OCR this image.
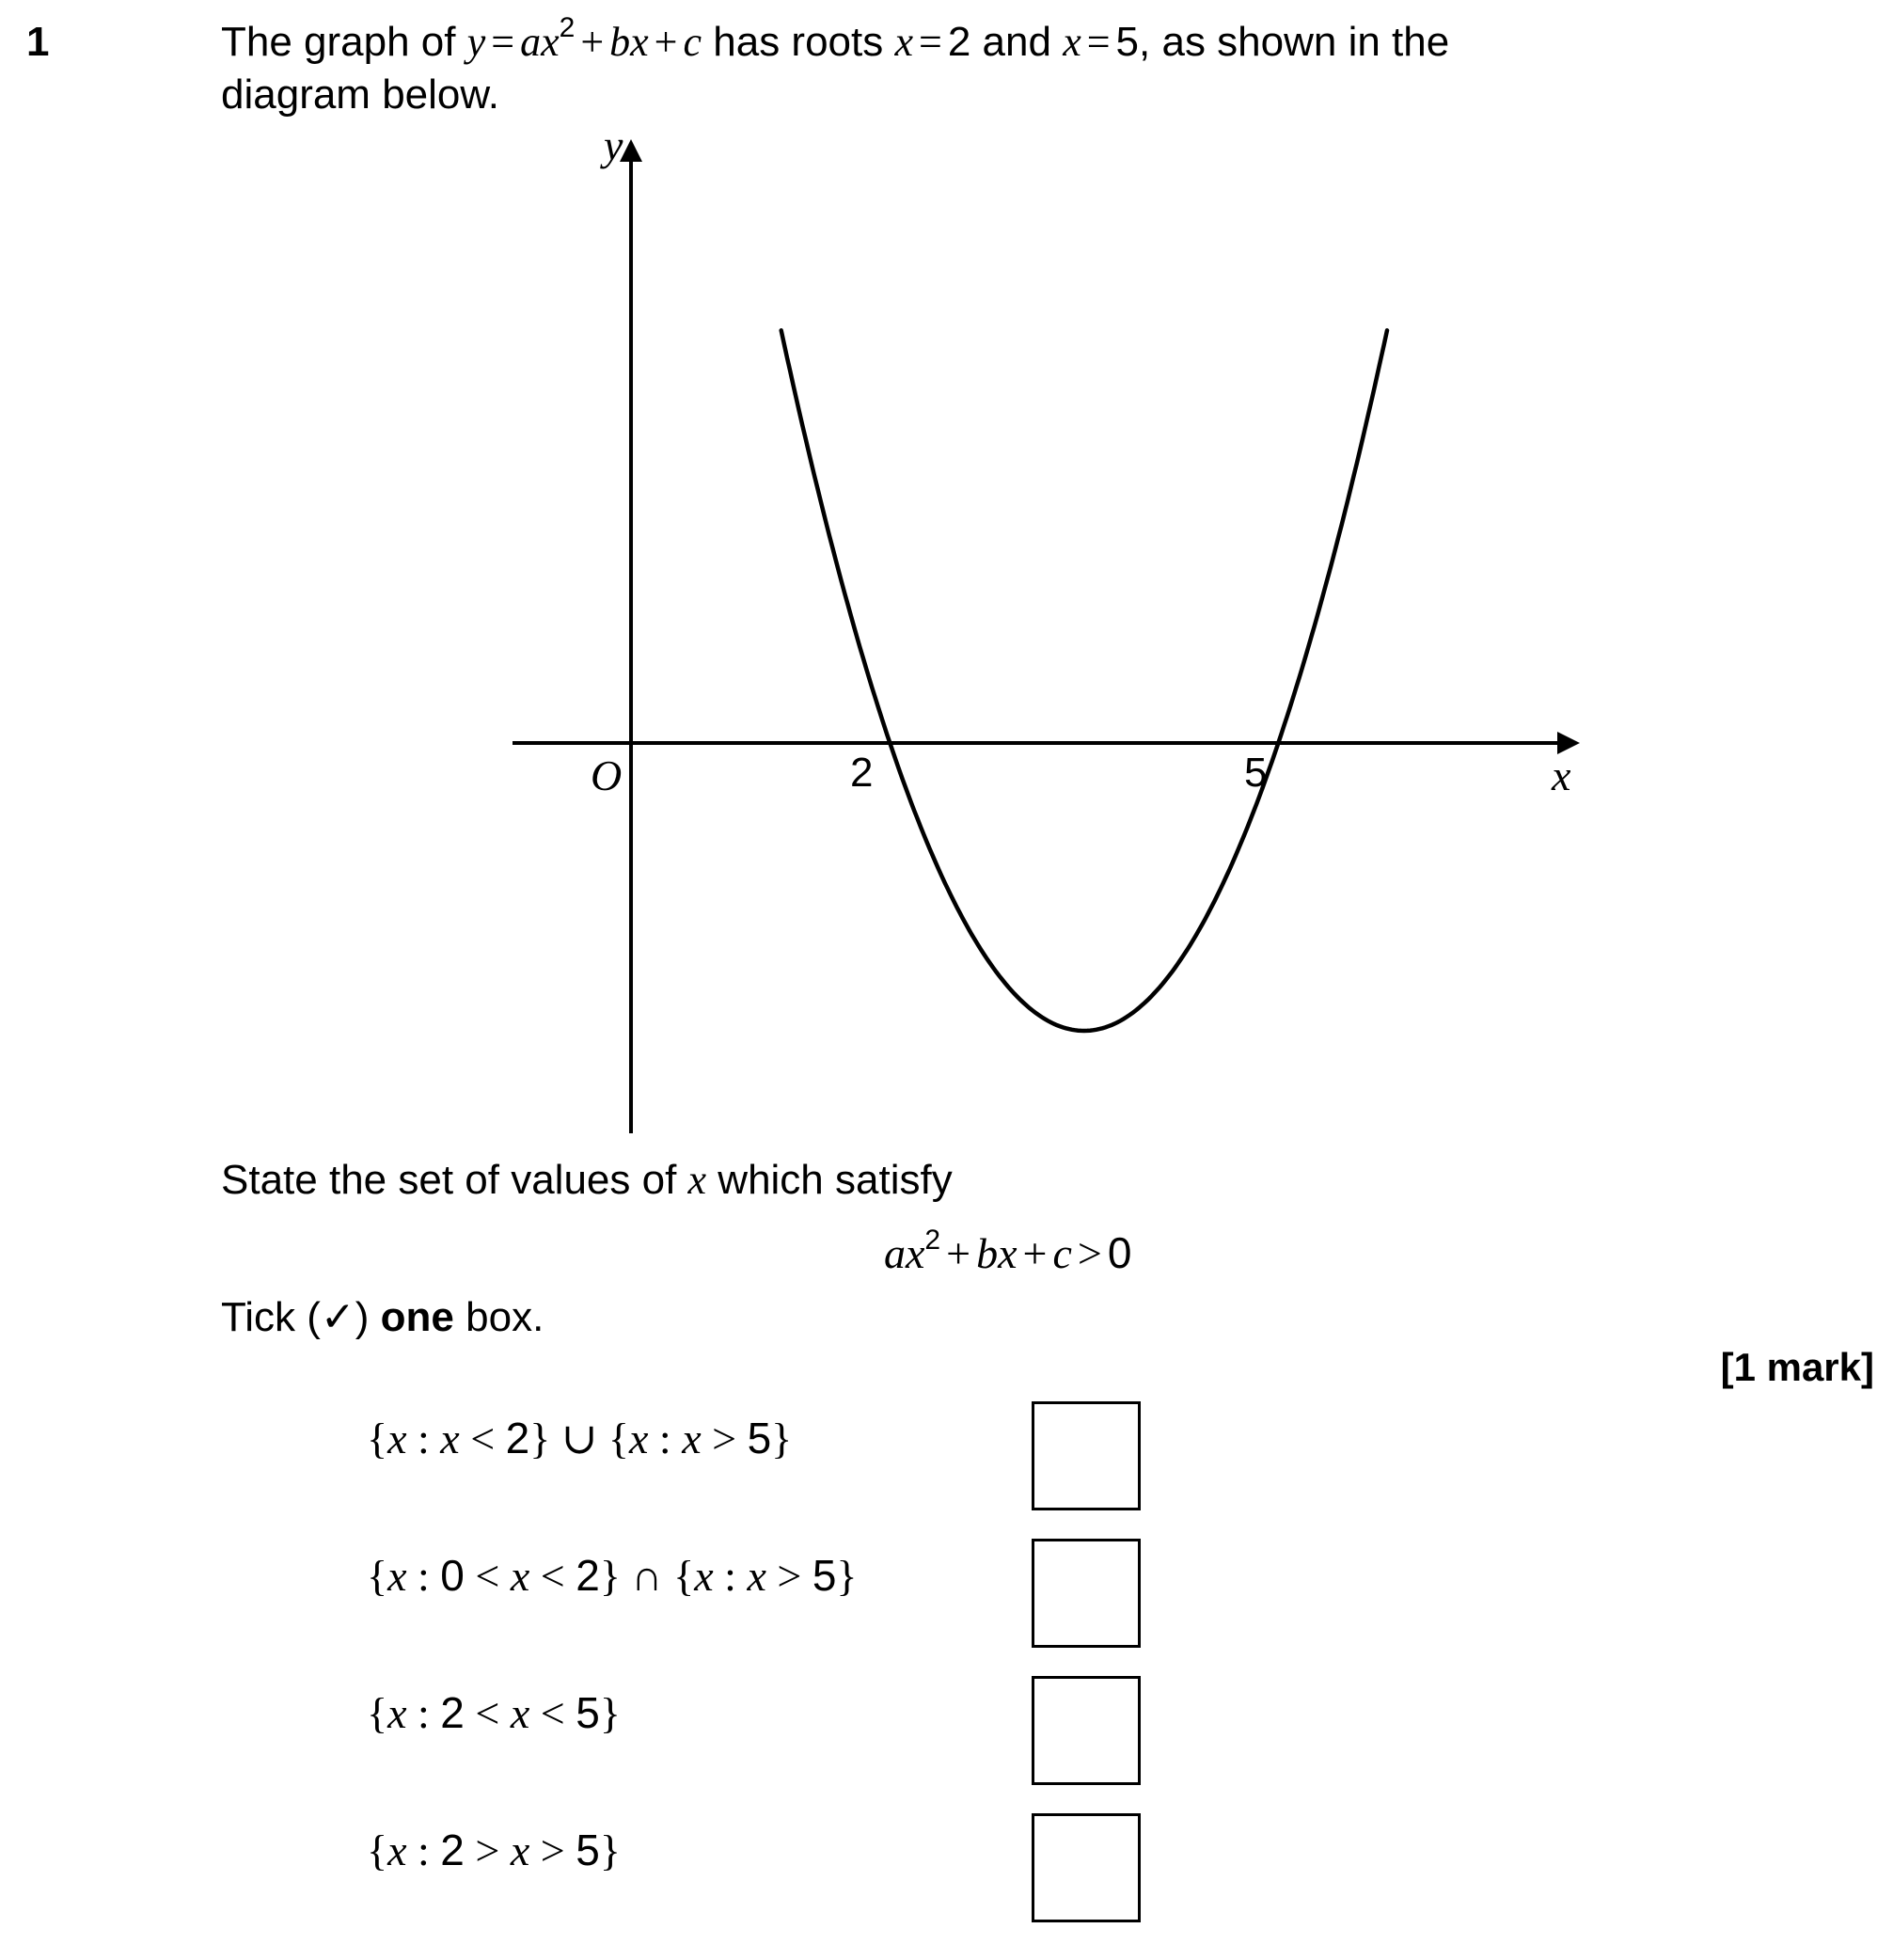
1	The graph of $y = ax^2$ + bx + c has roots x = 2 and x = 5, as shown in the
diagram below.
y
O	2	5	x
State the set of values of x which satisfy
$ax^2$ + bx + c > 0
Tick (✓) one box.
[1 mark]
{x : x < 2} ∪ {x : x > 5}
{x : 0 < x < 2} ∩ {x : x > 5}
{x : 2 < x < 5}
{x : 2 > x > 5}
